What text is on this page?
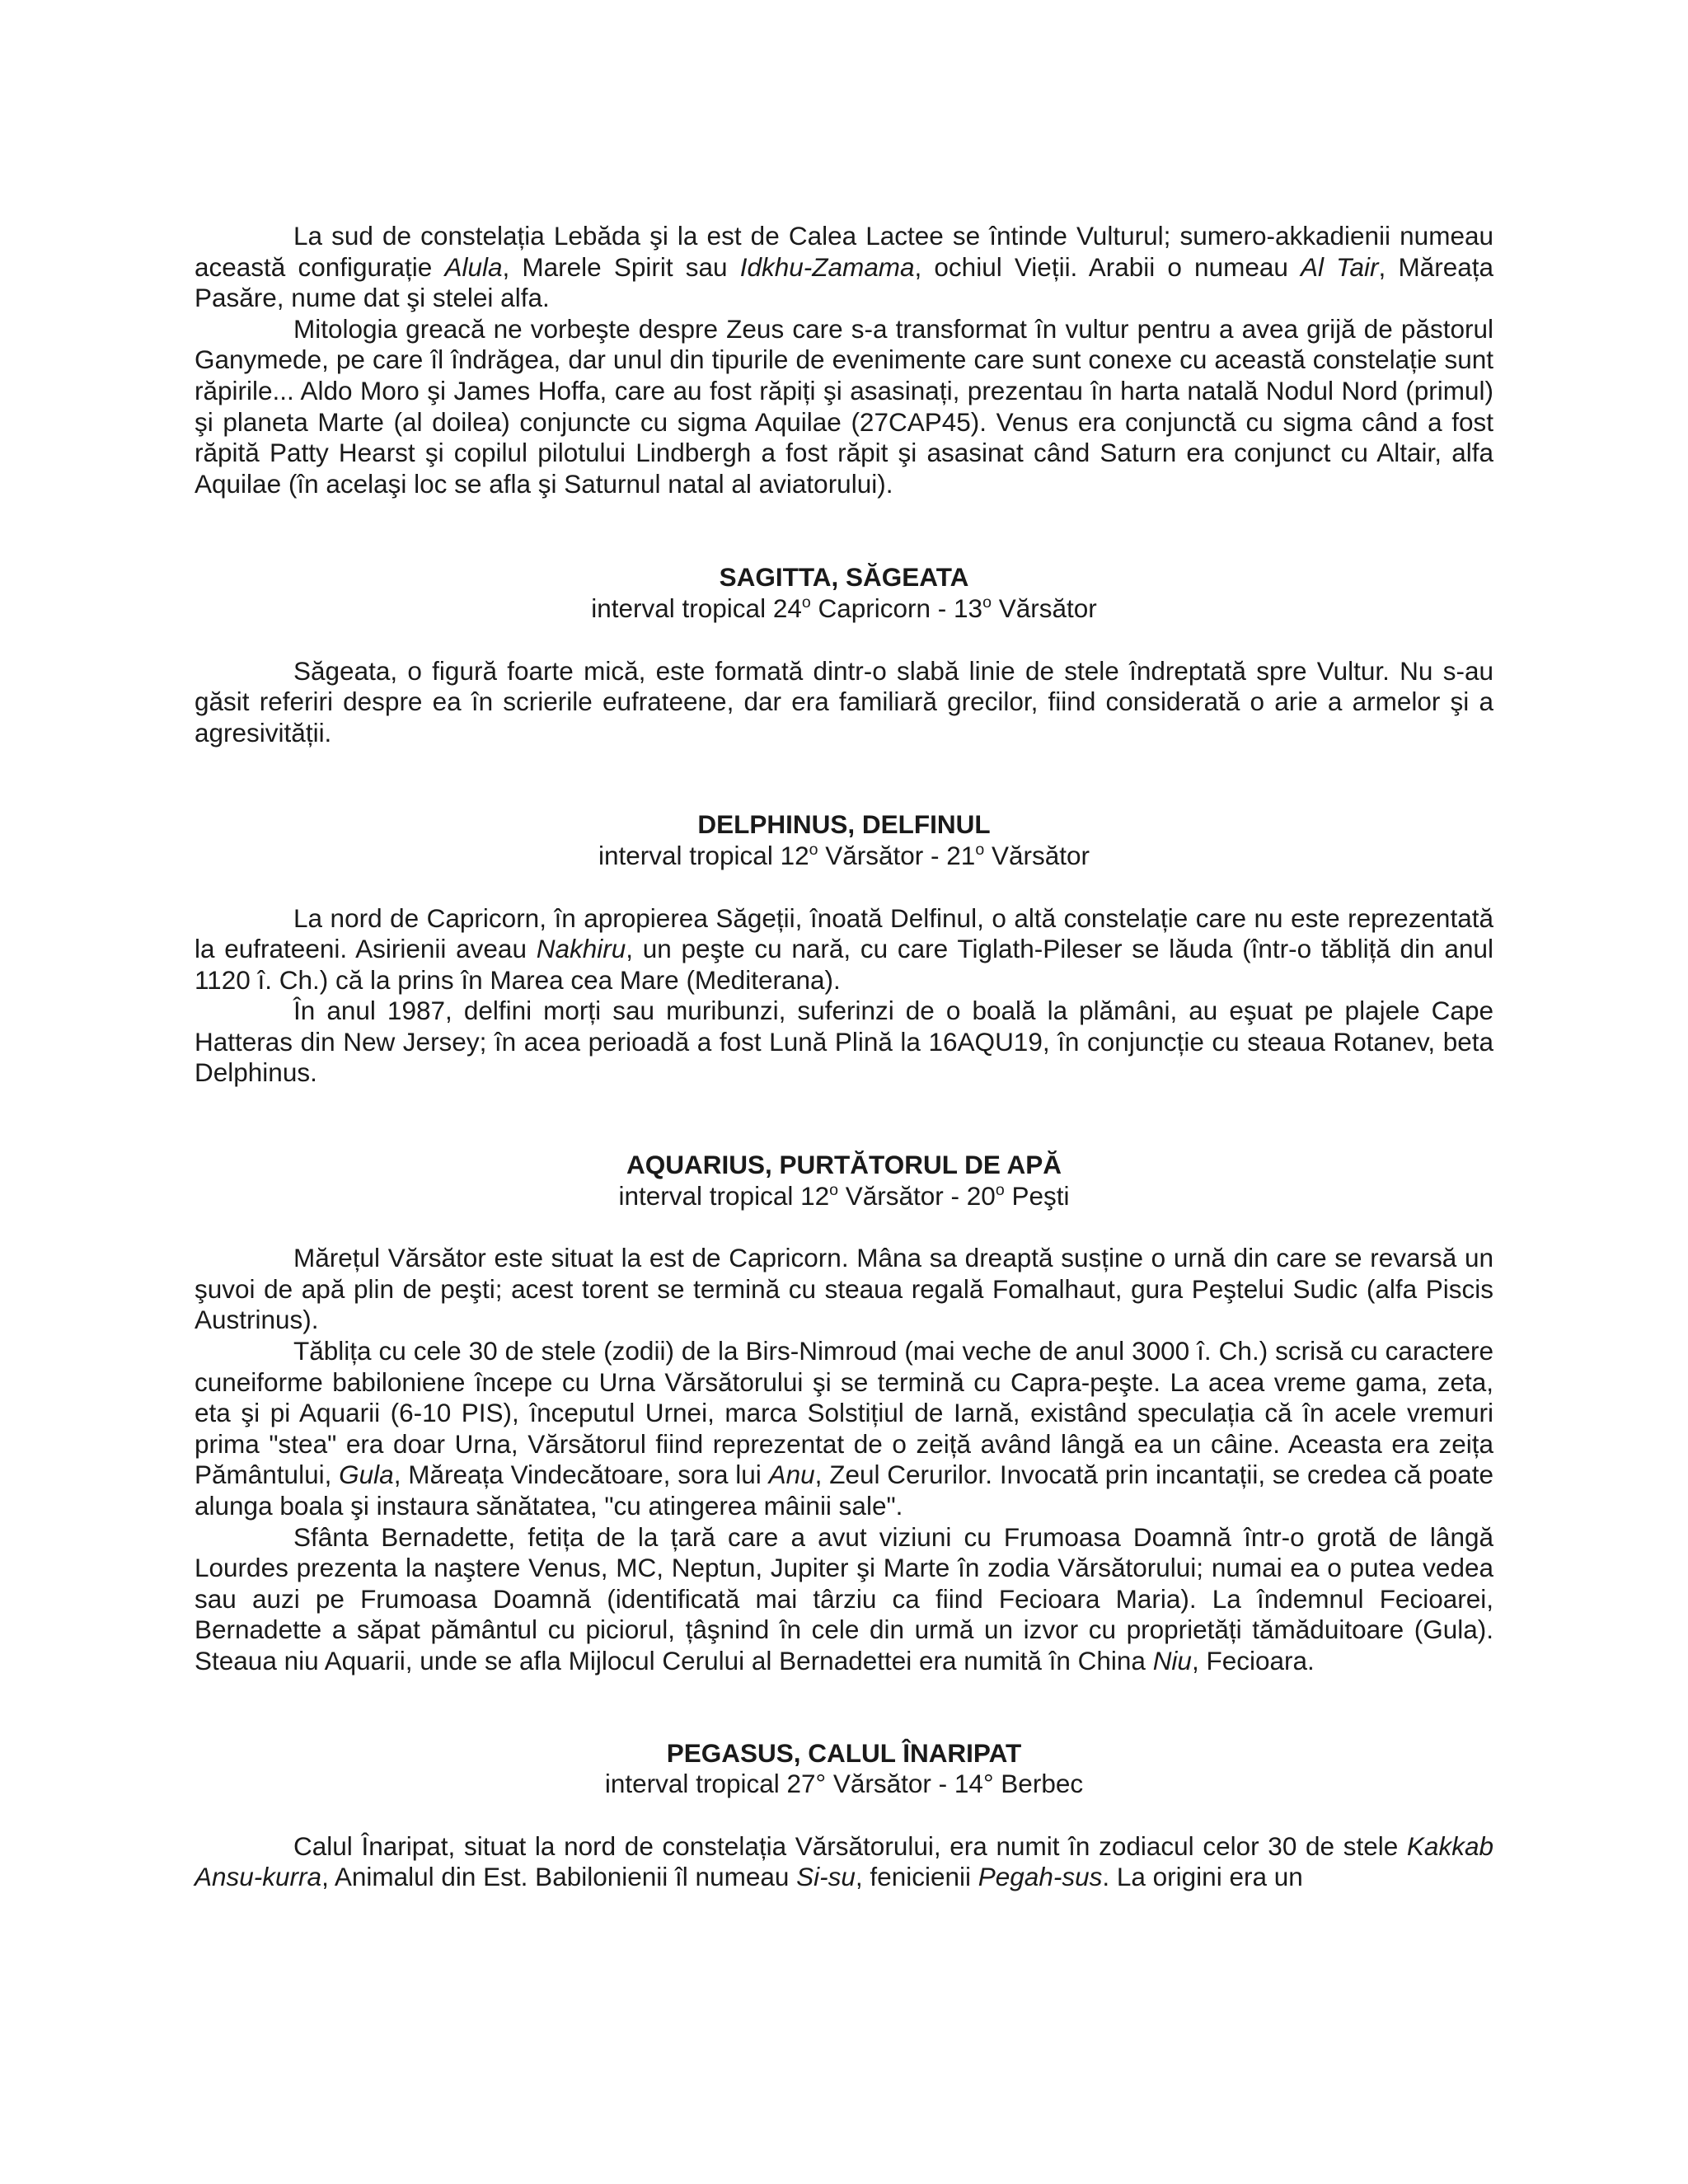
La sud de constelația Lebăda şi la est de Calea Lactee se întinde Vulturul; sumero-akkadienii numeau această configurație Alula, Marele Spirit sau Idkhu-Zamama, ochiul Vieții. Arabii o numeau Al Tair, Măreața Pasăre, nume dat şi stelei alfa.

Mitologia greacă ne vorbeşte despre Zeus care s-a transformat în vultur pentru a avea grijă de păstorul Ganymede, pe care îl îndrăgea, dar unul din tipurile de evenimente care sunt conexe cu această constelație sunt răpirile... Aldo Moro şi James Hoffa, care au fost răpiți şi asasinați, prezentau în harta natală Nodul Nord (primul) şi planeta Marte (al doilea) conjuncte cu sigma Aquilae (27CAP45). Venus era conjunctă cu sigma când a fost răpită Patty Hearst şi copilul pilotului Lindbergh a fost răpit şi asasinat când Saturn era conjunct cu Altair, alfa Aquilae (în acelaşi loc se afla şi Saturnul natal al aviatorului).

SAGITTA, SĂGEATA

interval tropical 24$^o$ Capricorn - 13$^o$ Vărsător

Săgeata, o figură foarte mică, este formată dintr-o slabă linie de stele îndreptată spre Vultur. Nu s-au găsit referiri despre ea în scrierile eufrateene, dar era familiară grecilor, fiind considerată o arie a armelor şi a agresivității.

DELPHINUS, DELFINUL

interval tropical 12$^o$ Vărsător - 21$^o$ Vărsător

La nord de Capricorn, în apropierea Săgeții, înoată Delfinul, o altă constelație care nu este reprezentată la eufrateeni. Asirienii aveau Nakhiru, un peşte cu nară, cu care Tiglath-Pileser se lăuda (într-o tăbliță din anul 1120 î. Ch.) că la prins în Marea cea Mare (Mediterana).

În anul 1987, delfini morți sau muribunzi, suferinzi de o boală la plămâni, au eşuat pe plajele Cape Hatteras din New Jersey; în acea perioadă a fost Lună Plină la 16AQU19, în conjuncție cu steaua Rotanev, beta Delphinus.

AQUARIUS, PURTĂTORUL DE APĂ

interval tropical 12$^o$ Vărsător - 20$^o$ Peşti

Mărețul Vărsător este situat la est de Capricorn. Mâna sa dreaptă susține o urnă din care se revarsă un şuvoi de apă plin de peşti; acest torent se termină cu steaua regală Fomalhaut, gura Peştelui Sudic (alfa Piscis Austrinus).

Tăblița cu cele 30 de stele (zodii) de la Birs-Nimroud (mai veche de anul 3000 î. Ch.) scrisă cu caractere cuneiforme babiloniene începe cu Urna Vărsătorului şi se termină cu Capra-peşte. La acea vreme gama, zeta, eta şi pi Aquarii (6-10 PIS), începutul Urnei, marca Solstițiul de Iarnă, existând speculația că în acele vremuri prima "stea" era doar Urna, Vărsătorul fiind reprezentat de o zeiță având lângă ea un câine. Aceasta era zeița Pământului, Gula, Măreața Vindecătoare, sora lui Anu, Zeul Cerurilor. Invocată prin incantații, se credea că poate alunga boala şi instaura sănătatea, "cu atingerea mâinii sale".

Sfânta Bernadette, fetița de la țară care a avut viziuni cu Frumoasa Doamnă într-o grotă de lângă Lourdes prezenta la naştere Venus, MC, Neptun, Jupiter şi Marte în zodia Vărsătorului; numai ea o putea vedea sau auzi pe Frumoasa Doamnă (identificată mai târziu ca fiind Fecioara Maria). La îndemnul Fecioarei, Bernadette a săpat pământul cu piciorul, țâşnind în cele din urmă un izvor cu proprietăți tămăduitoare (Gula). Steaua niu Aquarii, unde se afla Mijlocul Cerului al Bernadettei era numită în China Niu, Fecioara.

PEGASUS, CALUL ÎNARIPAT

interval tropical 27° Vărsător - 14° Berbec

Calul Înaripat, situat la nord de constelația Vărsătorului, era numit în zodiacul celor 30 de stele Kakkab Ansu-kurra, Animalul din Est. Babilonienii îl numeau Si-su, fenicienii Pegah-sus. La origini era un
